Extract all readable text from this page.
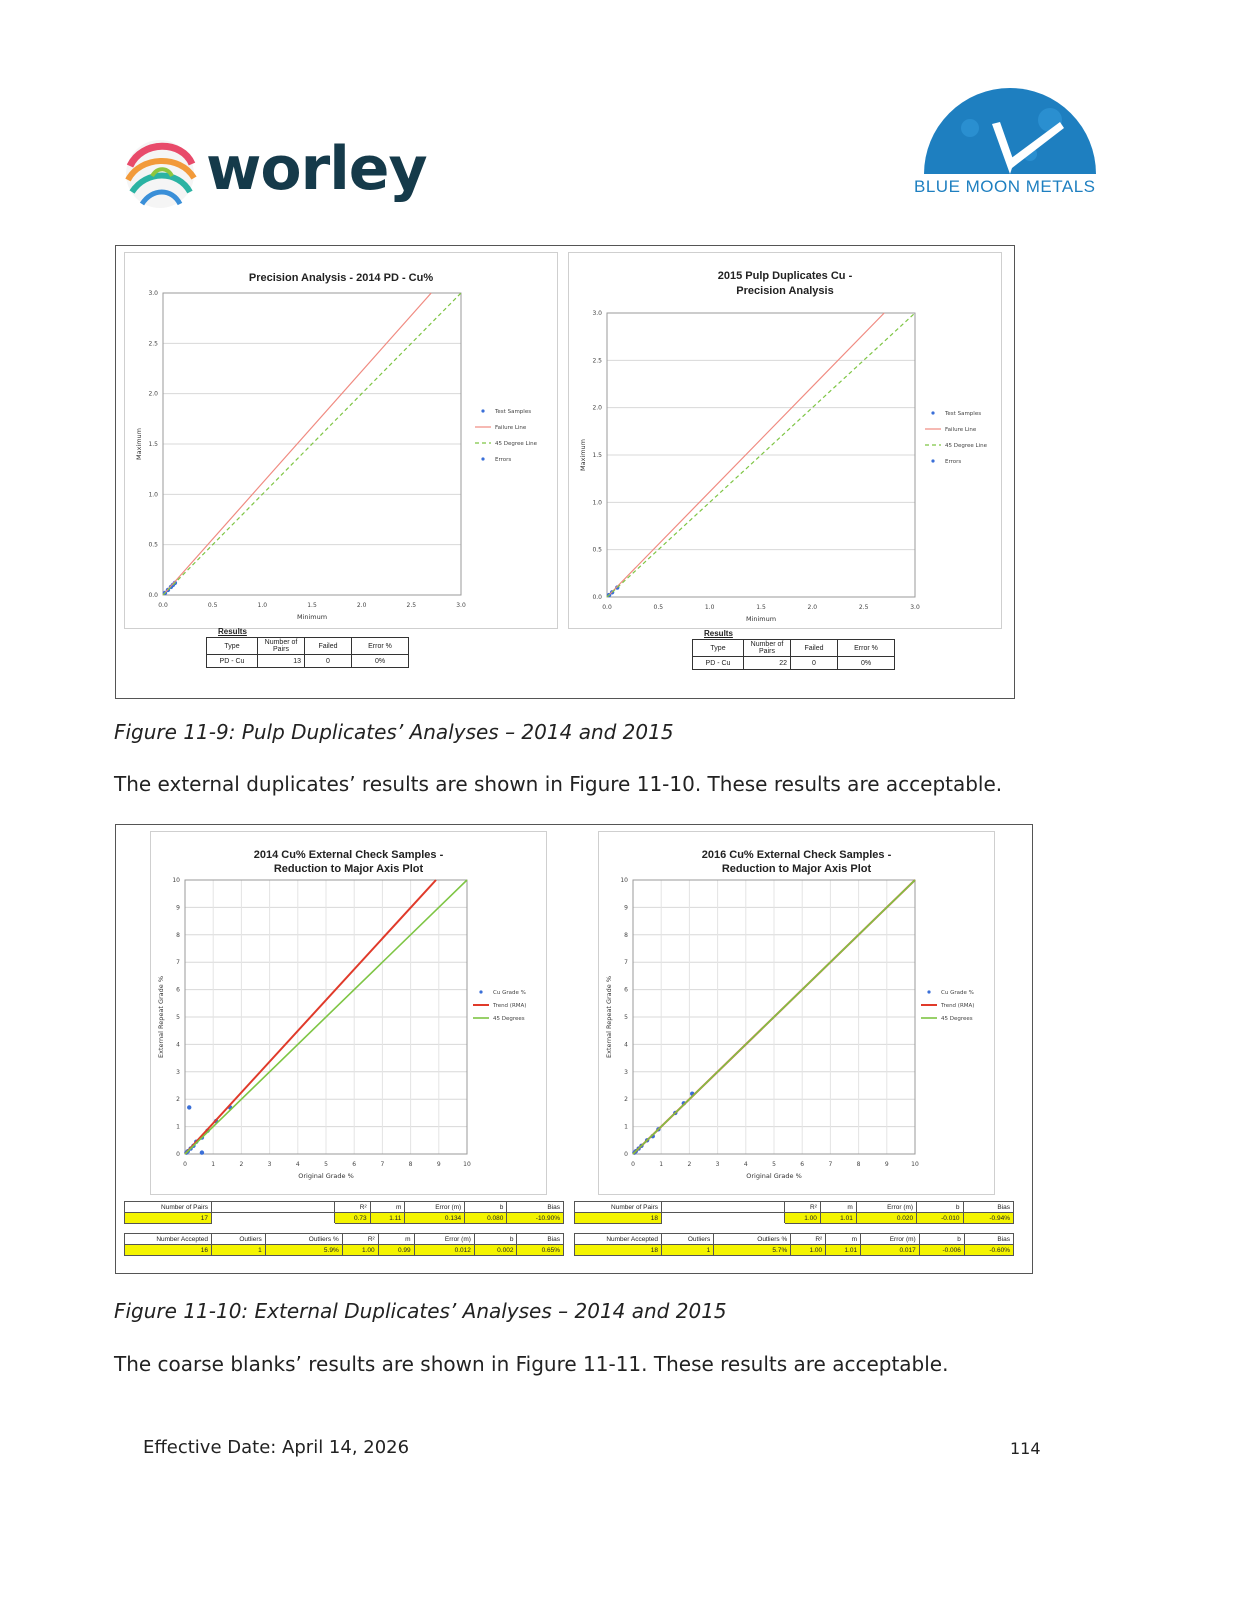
worley	BLUE MOON METALS
Precision Analysis - 2014 PD - Cu%
0.0	0.5	1.0	1.5	2.0	2.5	3.0
0.0
0.5
1.0
1.5
2.0
2.5
3.0
Minimum
Maximum
Test Samples
Failure Line
45 Degree Line
Errors
2015 Pulp Duplicates Cu -
Precision Analysis
0.0	0.5	1.0	1.5	2.0	2.5	3.0
0.0
0.5
1.0
1.5
2.0
2.5
3.0
Minimum
Maximum
Test Samples
Failure Line
45 Degree Line
Errors
Results
Type	Number of Pairs	Failed	Error %
PD - Cu	13	0	0%
Results
Type	Number of Pairs	Failed	Error %
PD - Cu	22	0	0%
Figure 11-9: Pulp Duplicates’ Analyses – 2014 and 2015
The external duplicates’ results are shown in Figure 11-10. These results are acceptable.
2014 Cu% External Check Samples -
Reduction to Major Axis Plot
0	1	2	3	4	5	6	7	8	9	10
0
1
2
3
4
5
6
7
8
9
10
Original Grade %
External Repeat Grade %	Cu Grade %
Trend (RMA)
45 Degrees
2016 Cu% External Check Samples -
Reduction to Major Axis Plot
0	1	2	3	4	5	6	7	8	9	10
0
1
2
3
4
5
6
7
8
9
10
Original Grade %
External Repeat Grade %	Cu Grade %
Trend (RMA)
45 Degrees
Number of Pairs		R²	m	Error (m)	b	Bias
17		0.73	1.11	0.134	0.080	-10.90%
Number Accepted	Outliers	Outliers %	R²	m	Error (m)	b	Bias
16	1	5.9%	1.00	0.99	0.012	0.002	0.65%
Number of Pairs		R²	m	Error (m)	b	Bias
18		1.00	1.01	0.020	-0.010	-0.94%
Number Accepted	Outliers	Outliers %	R²	m	Error (m)	b	Bias
18	1	5.7%	1.00	1.01	0.017	-0.006	-0.60%
Figure 11-10: External Duplicates’ Analyses – 2014 and 2015
The coarse blanks’ results are shown in Figure 11-11. These results are acceptable.
Effective Date: April 14, 2026	114
